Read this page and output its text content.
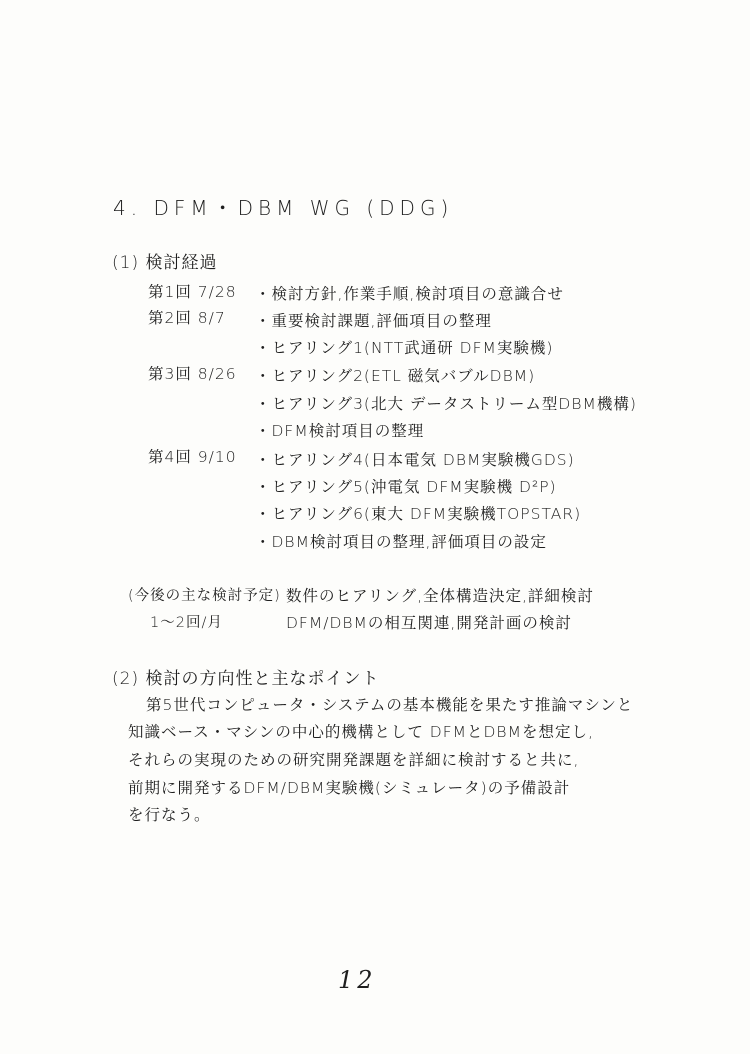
4. DFM・DBM WG (DDG)
(1) 検討経過
第1回 7/28 ・検討方針,作業手順,検討項目の意識合せ
第2回 8/7 ・重要検討課題,評価項目の整理
・ヒアリング1(NTT武通研 DFM実験機)
第3回 8/26 ・ヒアリング2(ETL 磁気バブルDBM)
・ヒアリング3(北大 データストリーム型DBM機構)
・DFM検討項目の整理
第4回 9/10 ・ヒアリング4(日本電気 DBM実験機GDS)
・ヒアリング5(沖電気 DFM実験機 D²P)
・ヒアリング6(東大 DFM実験機TOPSTAR)
・DBM検討項目の整理,評価項目の設定
(今後の主な検討予定)
1〜2回/月
数件のヒアリング,全体構造決定,詳細検討
DFM/DBMの相互関連,開発計画の検討
(2) 検討の方向性と主なポイント
第5世代コンピュータ・システムの基本機能を果たす推論マシンと
知識ベース・マシンの中心的機構として DFMとDBMを想定し,
それらの実現のための研究開発課題を詳細に検討すると共に,
前期に開発するDFM/DBM実験機(シミュレータ)の予備設計
を行なう。
12
